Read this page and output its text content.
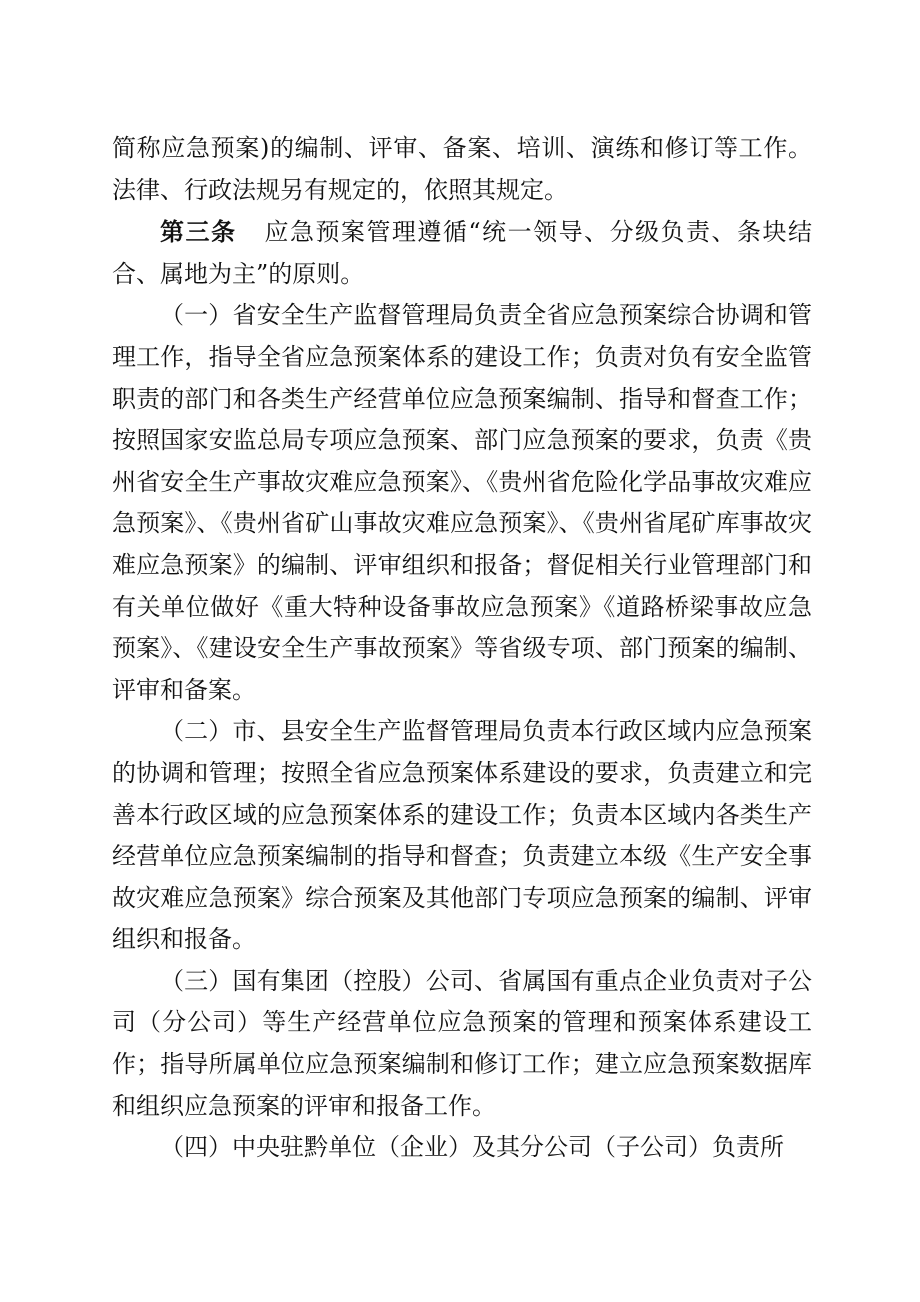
简称应急预案)的编制、评审、备案、培训、演练和修订等工作。法律、行政法规另有规定的，依照其规定。

第三条 应急预案管理遵循“统一领导、分级负责、条块结合、属地为主”的原则。

（一）省安全生产监督管理局负责全省应急预案综合协调和管理工作，指导全省应急预案体系的建设工作；负责对负有安全监管职责的部门和各类生产经营单位应急预案编制、指导和督查工作；按照国家安监总局专项应急预案、部门应急预案的要求，负责《贵州省安全生产事故灾难应急预案》、《贵州省危险化学品事故灾难应急预案》、《贵州省矿山事故灾难应急预案》、《贵州省尾矿库事故灾难应急预案》的编制、评审组织和报备；督促相关行业管理部门和有关单位做好《重大特种设备事故应急预案》《道路桥梁事故应急预案》、《建设安全生产事故预案》等省级专项、部门预案的编制、评审和备案。

（二）市、县安全生产监督管理局负责本行政区域内应急预案的协调和管理；按照全省应急预案体系建设的要求，负责建立和完善本行政区域的应急预案体系的建设工作；负责本区域内各类生产经营单位应急预案编制的指导和督查；负责建立本级《生产安全事故灾难应急预案》综合预案及其他部门专项应急预案的编制、评审组织和报备。

（三）国有集团（控股）公司、省属国有重点企业负责对子公司（分公司）等生产经营单位应急预案的管理和预案体系建设工作；指导所属单位应急预案编制和修订工作；建立应急预案数据库和组织应急预案的评审和报备工作。

（四）中央驻黔单位（企业）及其分公司（子公司）负责所
